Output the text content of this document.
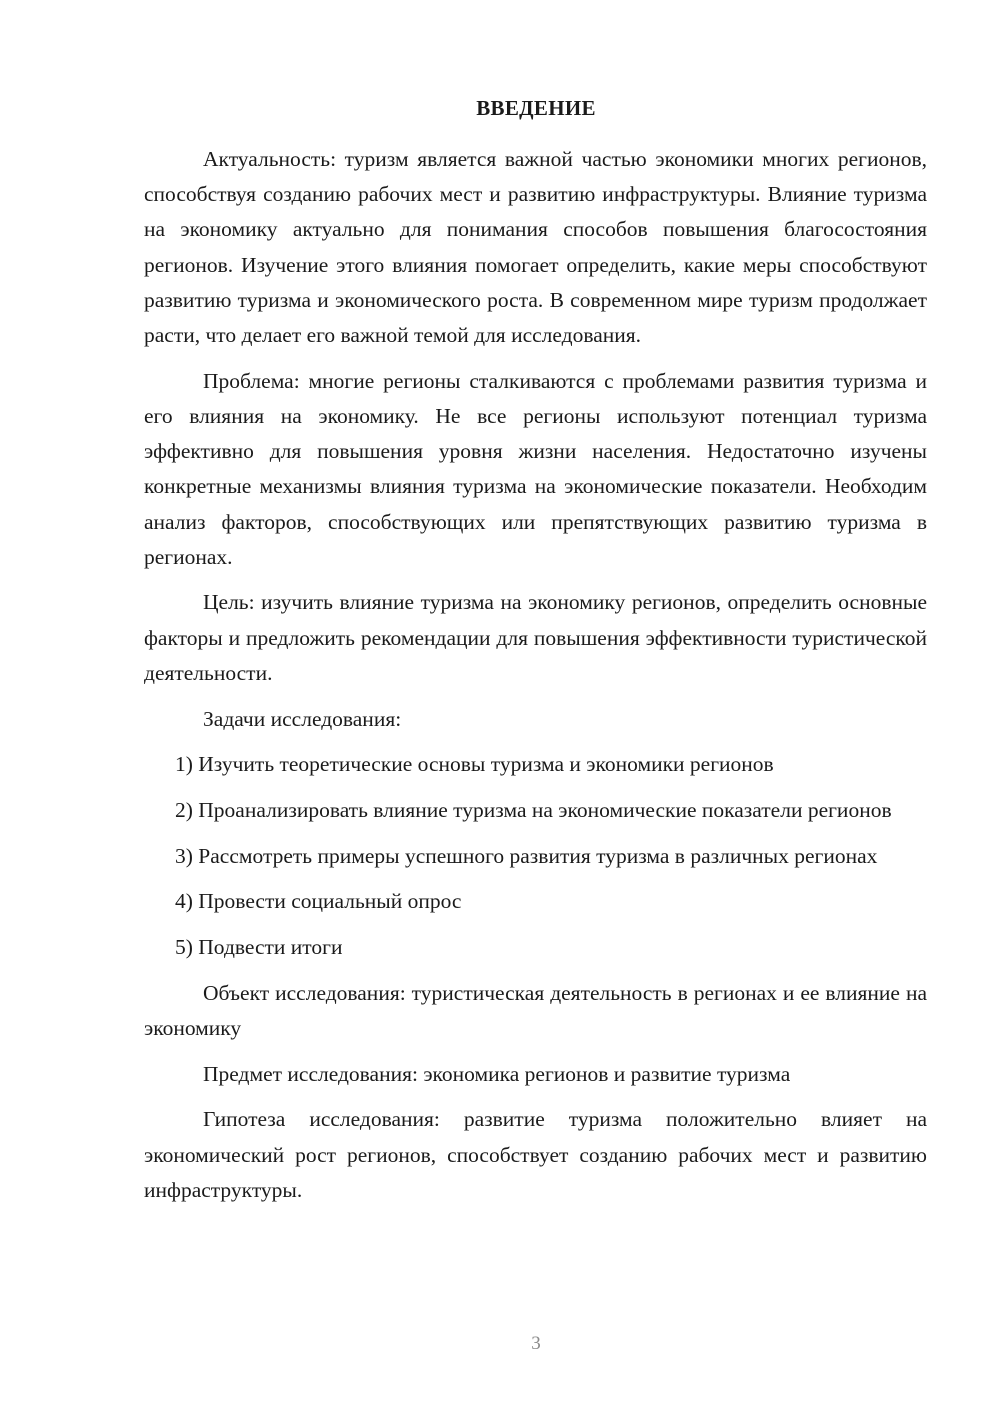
ВВЕДЕНИЕ

Актуальность: туризм является важной частью экономики многих регионов, способствуя созданию рабочих мест и развитию инфраструктуры. Влияние туризма на экономику актуально для понимания способов повышения благосостояния регионов. Изучение этого влияния помогает определить, какие меры способствуют развитию туризма и экономического роста. В современном мире туризм продолжает расти, что делает его важной темой для исследования.

Проблема: многие регионы сталкиваются с проблемами развития туризма и его влияния на экономику. Не все регионы используют потенциал туризма эффективно для повышения уровня жизни населения. Недостаточно изучены конкретные механизмы влияния туризма на экономические показатели. Необходим анализ факторов, способствующих или препятствующих развитию туризма в регионах.

Цель: изучить влияние туризма на экономику регионов, определить основные факторы и предложить рекомендации для повышения эффективности туристической деятельности.

Задачи исследования:

1) Изучить теоретические основы туризма и экономики регионов

2) Проанализировать влияние туризма на экономические показатели регионов

3) Рассмотреть примеры успешного развития туризма в различных регионах

4) Провести социальный опрос

5) Подвести итоги

Объект исследования: туристическая деятельность в регионах и ее влияние на экономику

Предмет исследования: экономика регионов и развитие туризма

Гипотеза исследования: развитие туризма положительно влияет на экономический рост регионов, способствует созданию рабочих мест и развитию инфраструктуры.

3
